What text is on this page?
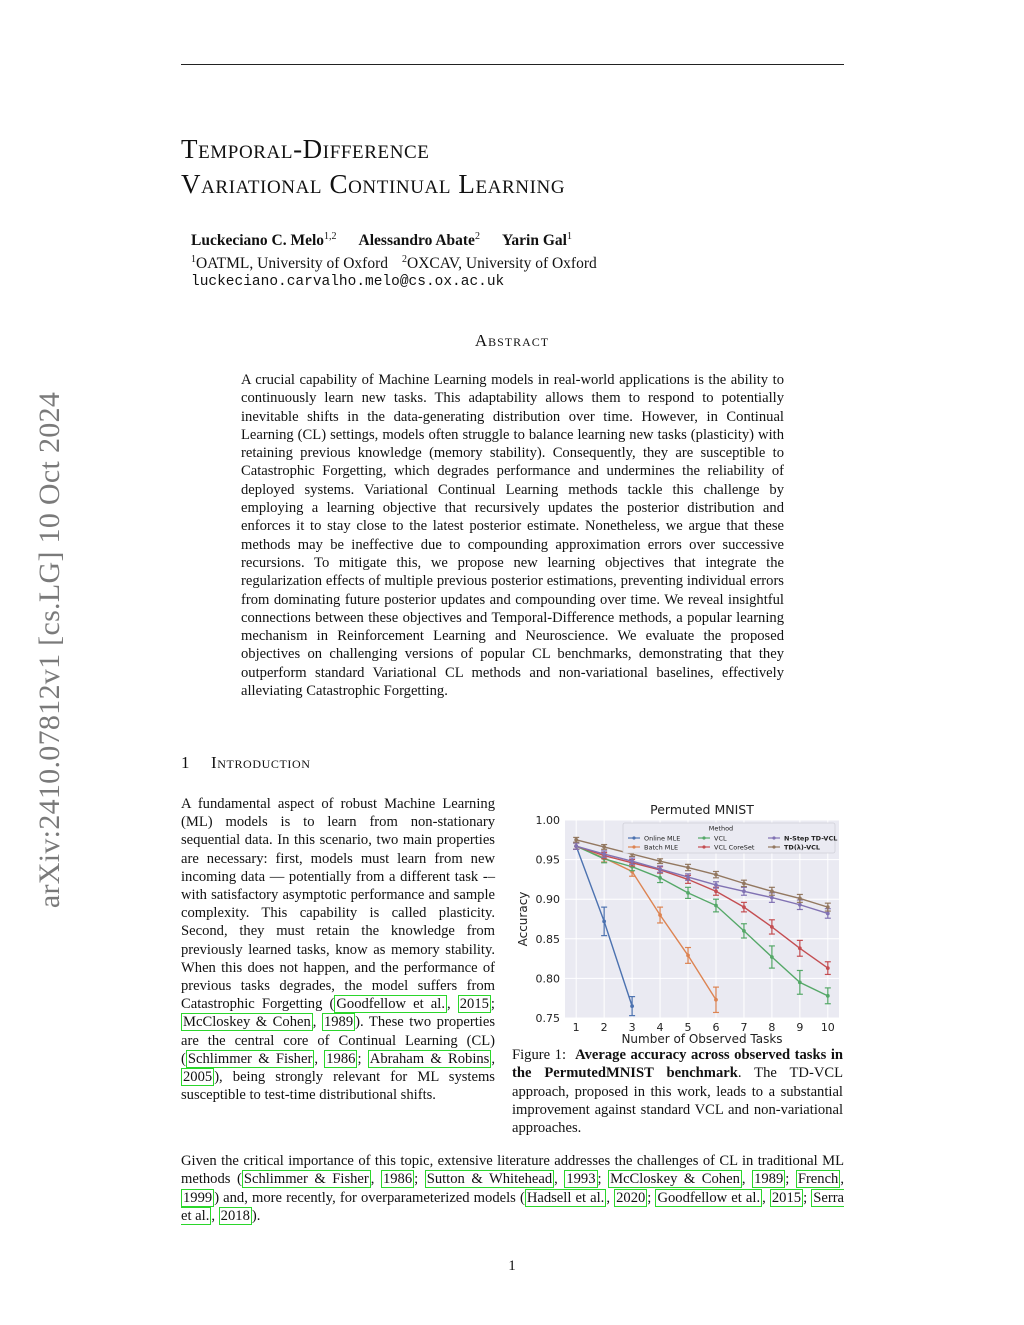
arXiv:2410.07812v1 [cs.LG] 10 Oct 2024
Temporal-Difference
Variational Continual Learning
Luckeciano C. Melo$^{1,2}$ Alessandro Abate$^2$ Yarin Gal$^1$
$^1$OATML, University of Oxford $^2$OXCAV, University of Oxford
luckeciano.carvalho.melo@cs.ox.ac.uk
Abstract
A crucial capability of Machine Learning models in real-world applications is the ability to continuously learn new tasks. This adaptability allows them to respond to potentially inevitable shifts in the data-generating distribution over time. However, in Continual Learning (CL) settings, models often struggle to balance learning new tasks (plasticity) with retaining previous knowledge (memory stability). Consequently, they are susceptible to Catastrophic Forgetting, which degrades performance and undermines the reliability of deployed systems. Variational Continual Learning methods tackle this challenge by employing a learning objective that recursively updates the posterior distribution and enforces it to stay close to the latest posterior estimate. Nonetheless, we argue that these methods may be ineffective due to compounding approximation errors over successive recursions. To mitigate this, we propose new learning objectives that integrate the regularization effects of multiple previous posterior estimations, preventing individual errors from dominating future posterior updates and compounding over time. We reveal insightful connections between these objectives and Temporal-Difference methods, a popular learning mechanism in Reinforcement Learning and Neuroscience. We evaluate the proposed objectives on challenging versions of popular CL benchmarks, demonstrating that they outperform standard Variational CL methods and non-variational baselines, effectively alleviating Catastrophic Forgetting.
1 Introduction
A fundamental aspect of robust Machine Learning (ML) models is to learn from non-stationary sequential data. In this scenario, two main properties are necessary: first, models must learn from new incoming data — potentially from a different task -– with satisfactory asymptotic performance and sample complexity. This capability is called plasticity. Second, they must retain the knowledge from previously learned tasks, know as memory stability. When this does not happen, and the performance of previous tasks degrades, the model suffers from Catastrophic Forgetting ( Goodfellow et al. , 2015 ; McCloskey & Cohen , 1989 ). These two properties are the central core of Continual Learning (CL) ( Schlimmer & Fisher , 1986 ; Abraham & Robins , 2005 ), being strongly relevant for ML systems susceptible to test-time distributional shifts.
Method
Online MLE
Batch MLE
VCL
VCL CoreSet
N-Step TD-VCL
TD(λ)-VCL
Permuted MNIST
Number of Observed Tasks
Accuracy
1 2 3 4 5 6 7 8 9 10
0.75
0.80
0.85
0.90
0.95
1.00
Figure 1: Average accuracy across observed tasks in the PermutedMNIST benchmark. The TD-VCL approach, proposed in this work, leads to a substantial improvement against standard VCL and non-variational approaches.
Given the critical importance of this topic, extensive literature addresses the challenges of CL in traditional ML methods ( Schlimmer & Fisher , 1986 ; Sutton & Whitehead , 1993 ; McCloskey & Cohen , 1989 ; French , 1999 ) and, more recently, for overparameterized models ( Hadsell et al. , 2020 ; Goodfellow et al. , 2015 ; Serra et al. , 2018 ).
1
